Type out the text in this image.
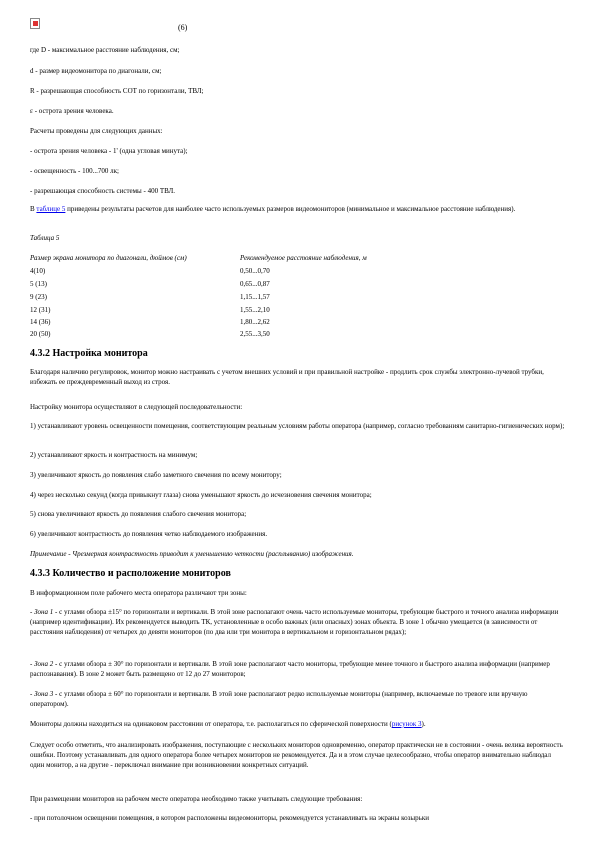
(6)
где D - максимальное расстояние наблюдения, см;
d - размер видеомонитора по диагонали, см;
R - разрешающая способность СОТ по горизонтали, ТВЛ;
ε - острота зрения человека.
Расчеты проведены для следующих данных:
- острота зрения человека - 1' (одна угловая минута);
- освещенность - 100...700 лк;
- разрешающая способность системы - 400 ТВЛ.
В таблице 5 приведены результаты расчетов для наиболее часто используемых размеров видеомониторов (минимальное и максимальное расстояние наблюдения).
Таблица 5
Размер экрана монитора по диагонали, дюймов (см)	Рекомендуемое расстояние наблюдения, м
4(10)	0,50...0,70
5 (13)	0,65...0,87
9 (23)	1,15...1,57
12 (31)	1,55...2,10
14 (36)	1,80...2,62
20 (50)	2,55...3,50
4.3.2 Настройка монитора
Благодаря наличию регулировок, монитор можно настраивать с учетом внешних условий и при правильной настройке - продлить срок службы электронно-лучевой трубки, избежать ее преждевременный выход из строя.
Настройку монитора осуществляют в следующей последовательности:
1) устанавливают уровень освещенности помещения, соответствующим реальным условиям работы оператора (например, согласно требованиям санитарно-гигиенических норм);
2) устанавливают яркость и контрастность на минимум;
3) увеличивают яркость до появления слабо заметного свечения по всему монитору;
4) через несколько секунд (когда привыкнут глаза) снова уменьшают яркость до исчезновения свечения монитора;
5) снова увеличивают яркость до появления слабого свечения монитора;
6) увеличивают контрастность до появления четко наблюдаемого изображения.
Примечание - Чрезмерная контрастность приводит к уменьшению четкости (расплыванию) изображения.
4.3.3 Количество и расположение мониторов
В информационном поле рабочего места оператора различают три зоны:
- Зона 1 - с углами обзора ±15° по горизонтали и вертикали. В этой зоне располагают очень часто используемые мониторы, требующие быстрого и точного анализа информации (например идентификации). Их рекомендуется выводить ТК, установленные в особо важных (или опасных) зонах объекта. В зоне 1 обычно умещается (в зависимости от расстояния наблюдения) от четырех до девяти мониторов (по два или три монитора в вертикальном и горизонтальном рядах);
- Зона 2 - с углами обзора ± 30° по горизонтали и вертикали. В этой зоне располагают часто мониторы, требующие менее точного и быстрого анализа информации (например распознавания). В зоне 2 может быть размещено от 12 до 27 мониторов;
- Зона 3 - с углами обзора ± 60° по горизонтали и вертикали. В этой зоне располагают редко используемые мониторы (например, включаемые по тревоге или вручную оператором).
Мониторы должны находиться на одинаковом расстоянии от оператора, т.е. располагаться по сферической поверхности (рисунок 3).
Следует особо отметить, что анализировать изображения, поступающие с нескольких мониторов одновременно, оператор практически не в состоянии - очень велика вероятность ошибки. Поэтому устанавливать для одного оператора более четырех мониторов не рекомендуется. Да и в этом случае целесообразно, чтобы оператор внимательно наблюдал один монитор, а на другие - переключал внимание при возникновении конкретных ситуаций.
При размещении мониторов на рабочем месте оператора необходимо также учитывать следующие требования:
- при потолочном освещении помещения, в котором расположены видеомониторы, рекомендуется устанавливать на экраны козырьки
